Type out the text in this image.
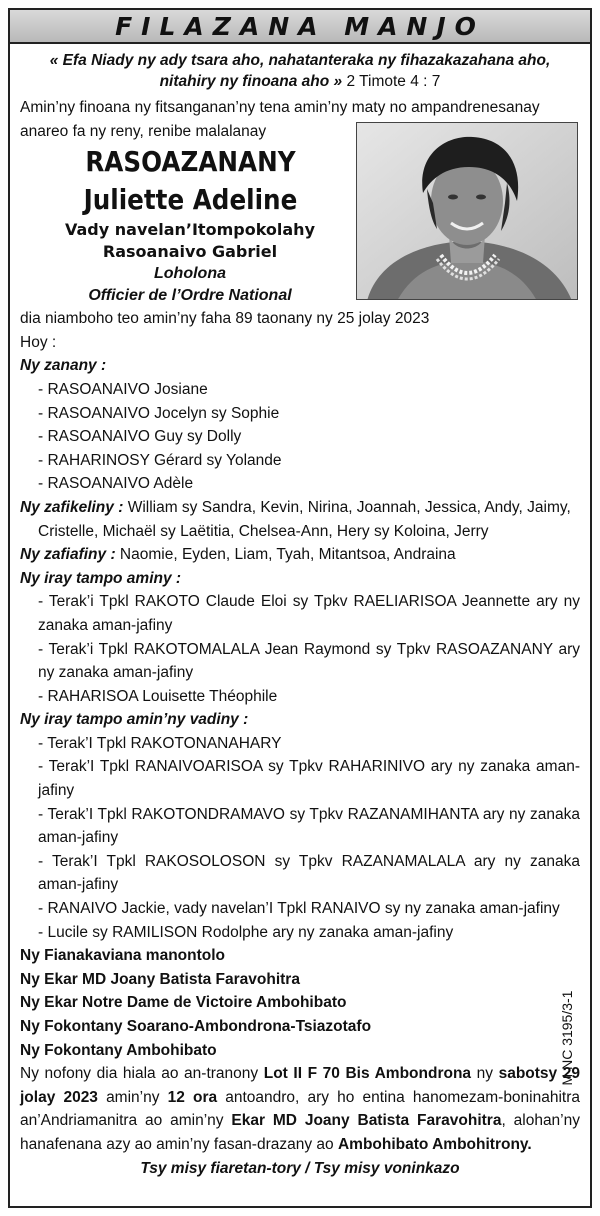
FILAZANA MANJO
« Efa Niady ny ady tsara aho, nahatanteraka ny fihazakazahana aho, nitahiry ny finoana aho » 2 Timote 4 : 7
Amin’ny finoana ny fitsanganan’ny tena amin’ny maty no ampandrenesanay anareo fa ny reny, renibe malalanay
RASOAZANANY
Juliette Adeline
Vady navelan’Itompokolahy
Rasoanaivo Gabriel
Loholona
Officier de l’Ordre National
dia niamboho teo amin’ny faha 89 taonany ny 25 jolay 2023
Hoy :
Ny zanany :
- RASOANAIVO Josiane
- RASOANAIVO Jocelyn sy Sophie
- RASOANAIVO Guy sy Dolly
- RAHARINOSY Gérard sy Yolande
- RASOANAIVO Adèle
Ny zafikeliny : William sy Sandra, Kevin, Nirina, Joannah, Jessica, Andy, Jaimy, Cristelle, Michaël sy Laëtitia, Chelsea-Ann, Hery sy Koloina, Jerry
Ny zafiafiny : Naomie, Eyden, Liam, Tyah, Mitantsoa, Andraina
Ny iray tampo aminy :
- Terak’i Tpkl RAKOTO Claude Eloi sy Tpkv RAELIARISOA Jeannette ary ny zanaka aman-jafiny
- Terak’i Tpkl RAKOTOMALALA Jean Raymond sy Tpkv RASOAZANANY ary ny zanaka aman-jafiny
- RAHARISOA Louisette Théophile
Ny iray tampo amin’ny vadiny :
- Terak’I Tpkl RAKOTONANAHARY
- Terak’I Tpkl RANAIVOARISOA sy Tpkv RAHARINIVO ary ny zanaka aman-jafiny
- Terak’I Tpkl RAKOTONDRAMAVO sy Tpkv RAZANAMIHANTA ary ny zanaka aman-jafiny
- Terak’I Tpkl RAKOSOLOSON sy Tpkv RAZANAMALALA ary ny zanaka aman-jafiny
- RANAIVO Jackie, vady navelan’I Tpkl RANAIVO sy ny zanaka aman-jafiny
- Lucile sy RAMILISON Rodolphe ary ny zanaka aman-jafiny
Ny Fianakaviana manontolo
Ny Ekar MD Joany Batista Faravohitra
Ny Ekar Notre Dame de Victoire Ambohibato
Ny Fokontany Soarano-Ambondrona-Tsiazotafo
Ny Fokontany Ambohibato
Ny nofony dia hiala ao an-tranony Lot II F 70 Bis Ambondrona ny sabotsy 29 jolay 2023 amin’ny 12 ora antoandro, ary ho entina hanomezam-boninahitra an’Andriamanitra ao amin’ny Ekar MD Joany Batista Faravohitra, alohan’ny hanafenana azy ao amin’ny fasan-drazany ao Ambohibato Ambohitrony.
Tsy misy fiaretan-tory / Tsy misy voninkazo
M NC 3195/3-1
